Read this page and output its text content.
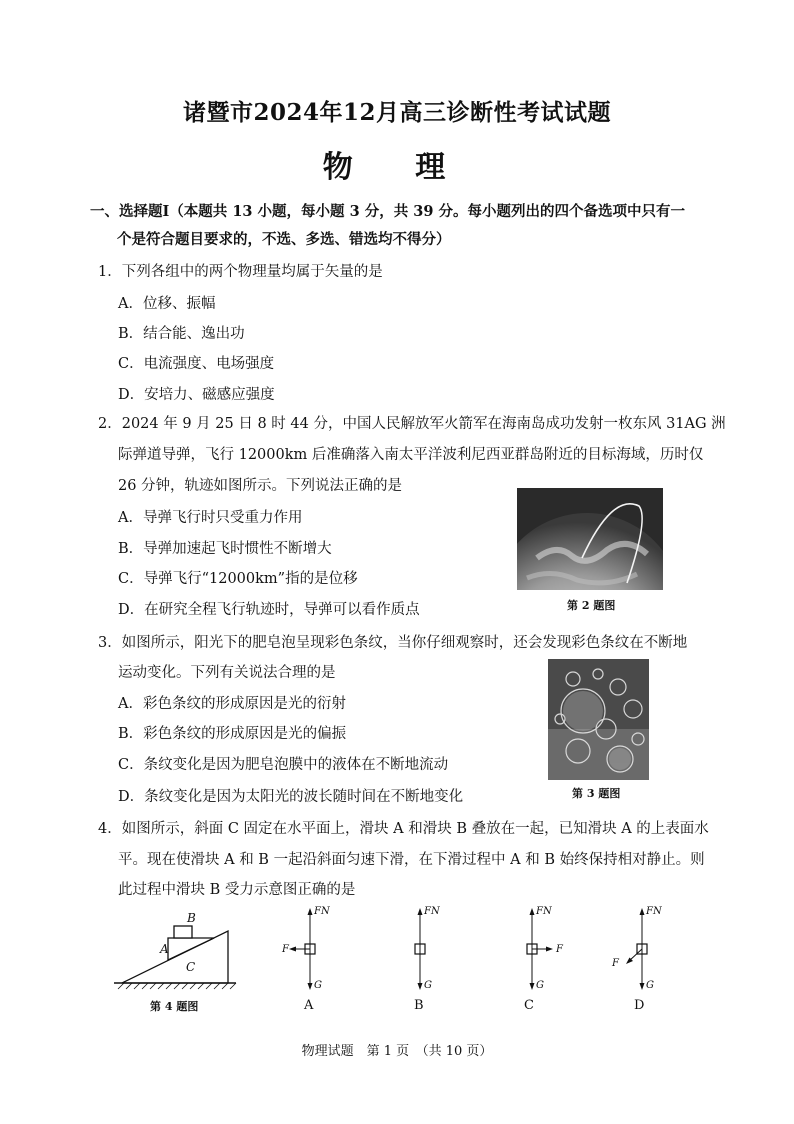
诸暨市2024年12月高三诊断性考试试题
物 理
一、选择题Ⅰ（本题共 13 小题，每小题 3 分，共 39 分。每小题列出的四个备选项中只有一
个是符合题目要求的，不选、多选、错选均不得分）
1．下列各组中的两个物理量均属于矢量的是
A．位移、振幅
B．结合能、逸出功
C．电流强度、电场强度
D．安培力、磁感应强度
2．2024 年 9 月 25 日 8 时 44 分，中国人民解放军火箭军在海南岛成功发射一枚东风 31AG 洲
际弹道导弹，飞行 12000km 后准确落入南太平洋波利尼西亚群岛附近的目标海域，历时仅
26 分钟，轨迹如图所示。下列说法正确的是
A．导弹飞行时只受重力作用
B．导弹加速起飞时惯性不断增大
C．导弹飞行“12000km”指的是位移
D．在研究全程飞行轨迹时，导弹可以看作质点	第 2 题图
3．如图所示，阳光下的肥皂泡呈现彩色条纹，当你仔细观察时，还会发现彩色条纹在不断地
运动变化。下列有关说法合理的是
A．彩色条纹的形成原因是光的衍射
B．彩色条纹的形成原因是光的偏振
C．条纹变化是因为肥皂泡膜中的液体在不断地流动
D．条纹变化是因为太阳光的波长随时间在不断地变化	第 3 题图
4．如图所示，斜面 C 固定在水平面上，滑块 A 和滑块 B 叠放在一起，已知滑块 A 的上表面水
平。现在使滑块 A 和 B 一起沿斜面匀速下滑，在下滑过程中 A 和 B 始终保持相对静止。则
此过程中滑块 B 受力示意图正确的是
B
A
C
第 4 题图
FN
F
G
A
FN
G
B
FN
F
G
C
FN
F
G
D
物理试题　第 1 页　（共 10 页）
